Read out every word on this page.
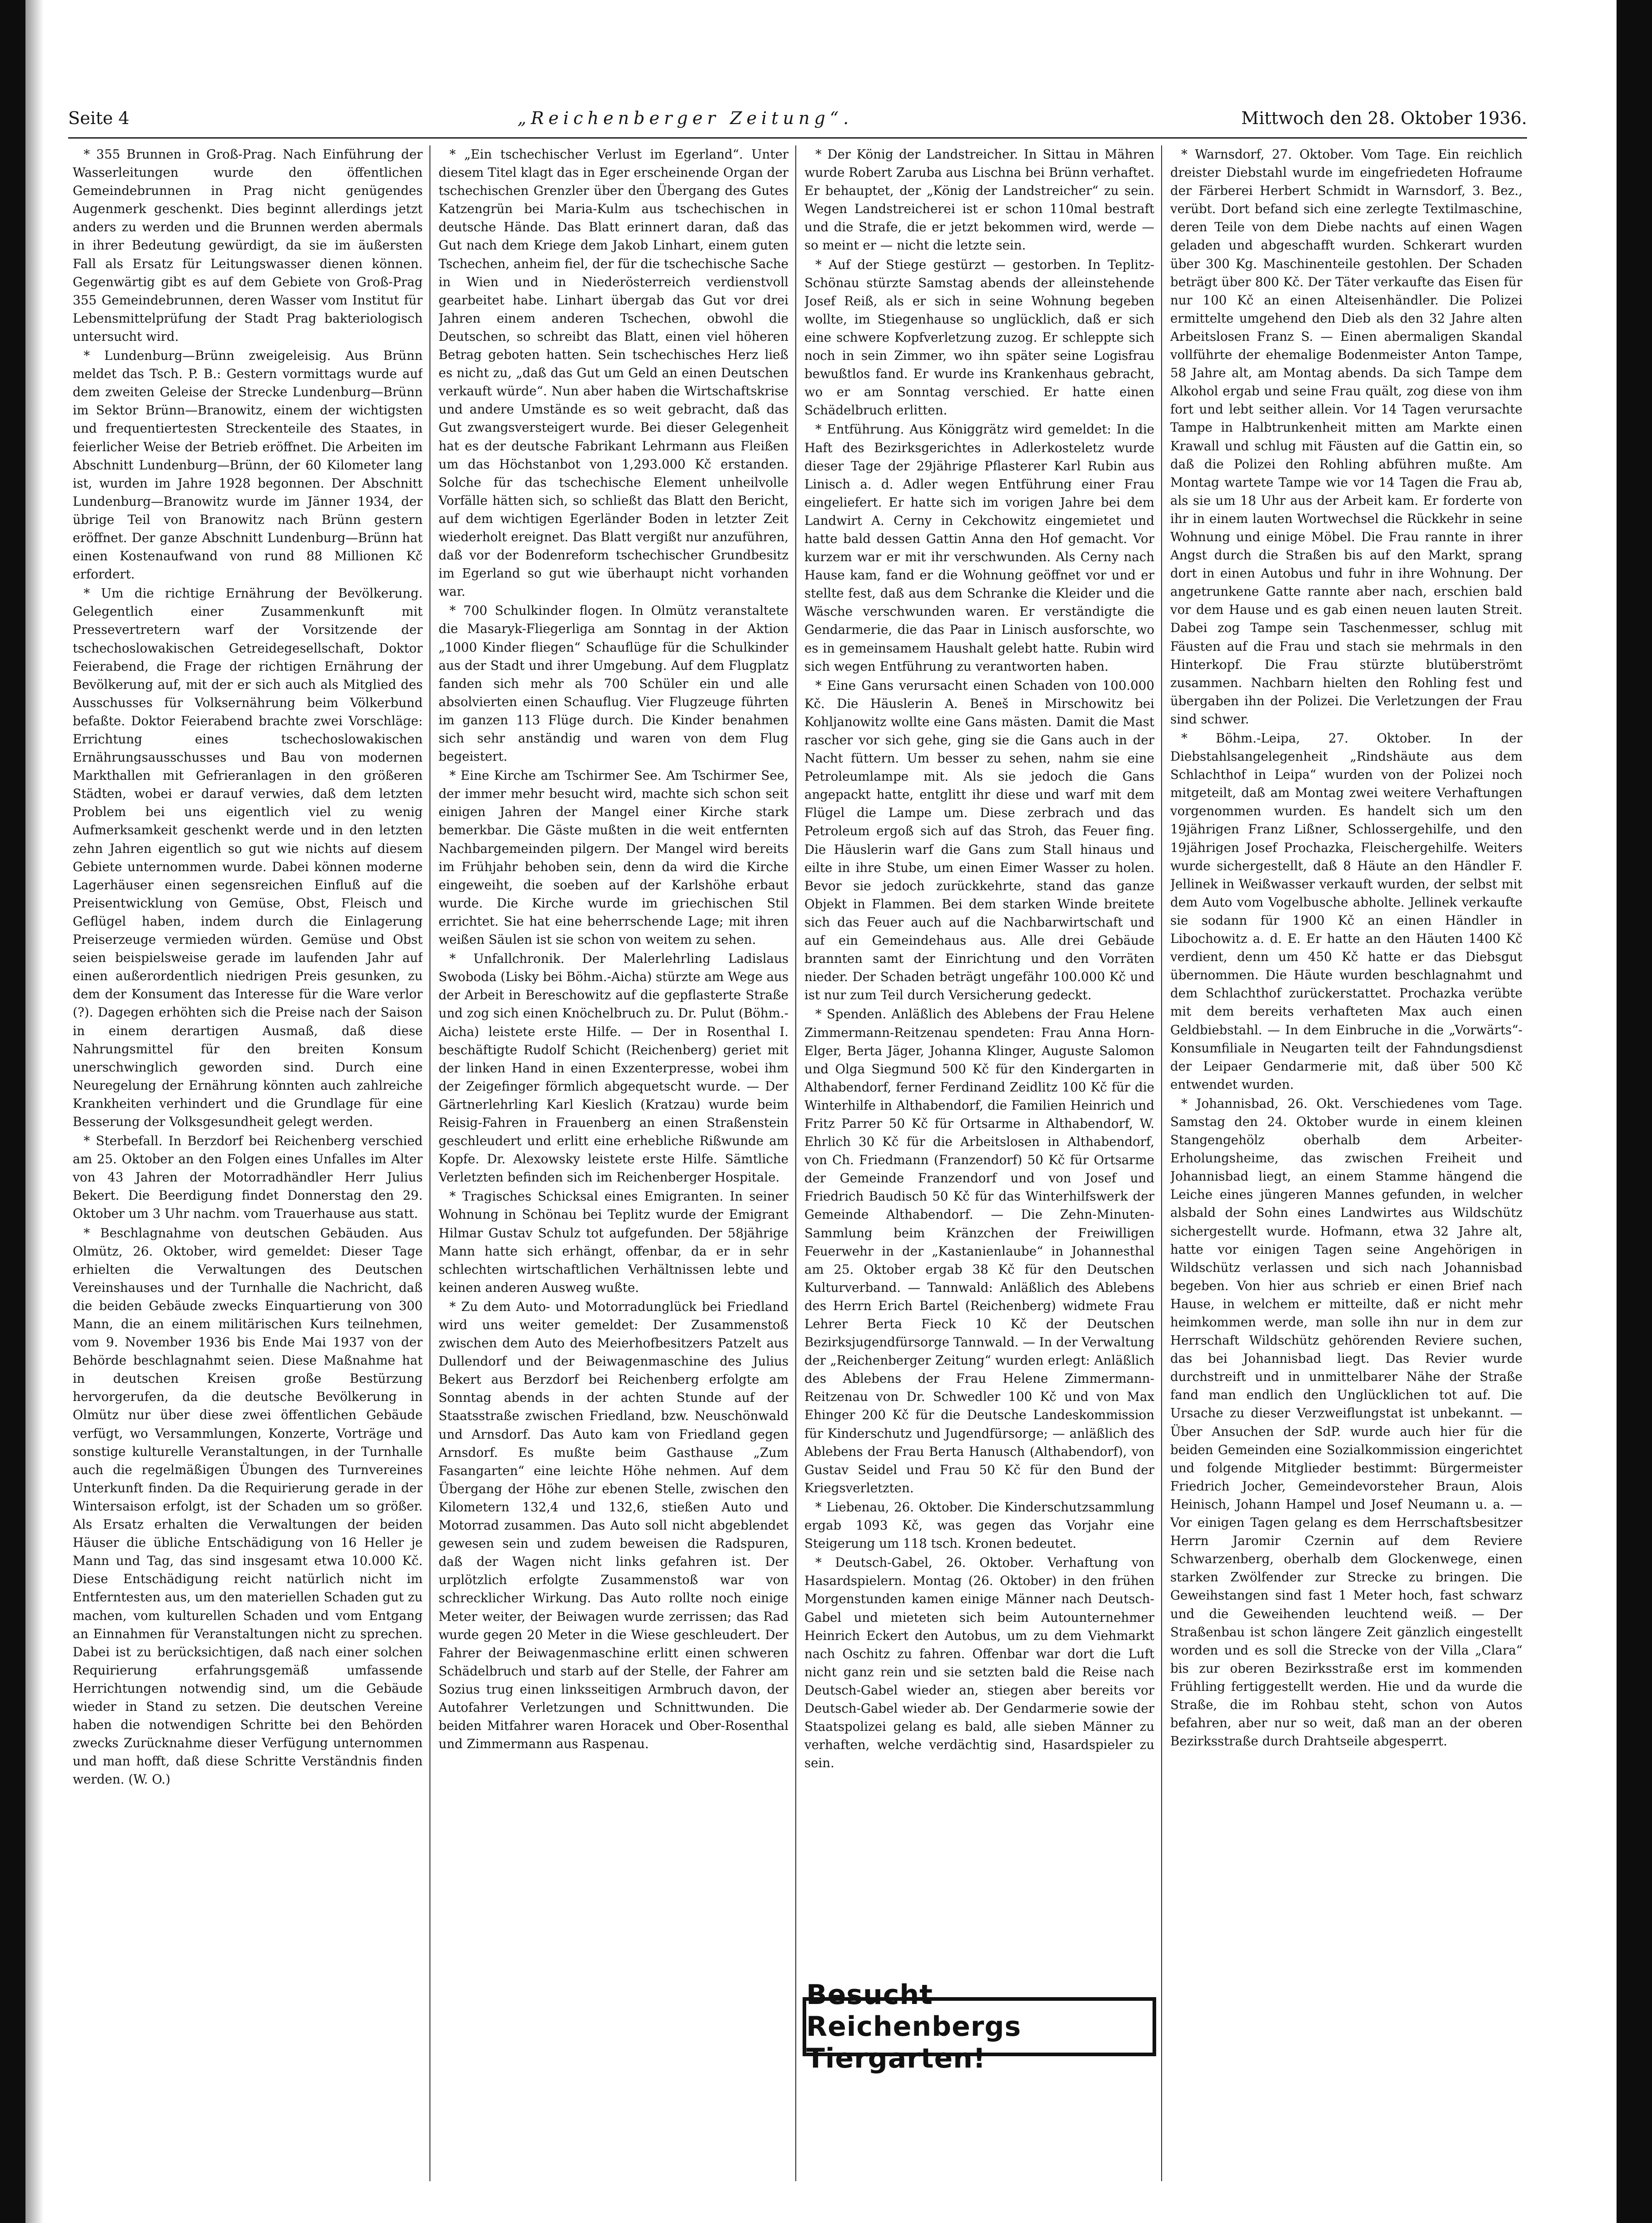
Seite 4	„Reichenberger Zeitung“.	Mittwoch den 28. Oktober 1936.

* 355 Brunnen in Groß-Prag. Nach Einführung der Wasserleitungen wurde den öffentlichen Gemeindebrunnen in Prag nicht genügendes Augenmerk geschenkt. Dies beginnt allerdings jetzt anders zu werden und die Brunnen werden abermals in ihrer Bedeutung gewürdigt, da sie im äußersten Fall als Ersatz für Leitungswasser dienen können. Gegenwärtig gibt es auf dem Gebiete von Groß-Prag 355 Gemeindebrunnen, deren Wasser vom Institut für Lebensmittelprüfung der Stadt Prag bakteriologisch untersucht wird.

* Lundenburg—Brünn zweigeleisig. Aus Brünn meldet das Tsch. P. B.: Gestern vormittags wurde auf dem zweiten Geleise der Strecke Lundenburg—Brünn im Sektor Brünn—Branowitz, einem der wichtigsten und frequentiertesten Streckenteile des Staates, in feierlicher Weise der Betrieb eröffnet. Die Arbeiten im Abschnitt Lundenburg—Brünn, der 60 Kilometer lang ist, wurden im Jahre 1928 begonnen. Der Abschnitt Lundenburg—Branowitz wurde im Jänner 1934, der übrige Teil von Branowitz nach Brünn gestern eröffnet. Der ganze Abschnitt Lundenburg—Brünn hat einen Kostenaufwand von rund 88 Millionen Kč erfordert.

* Um die richtige Ernährung der Bevölkerung. Gelegentlich einer Zusammenkunft mit Pressevertretern warf der Vorsitzende der tschechoslowakischen Getreidegesellschaft, Doktor Feierabend, die Frage der richtigen Ernährung der Bevölkerung auf, mit der er sich auch als Mitglied des Ausschusses für Volksernährung beim Völkerbund befaßte. Doktor Feierabend brachte zwei Vorschläge: Errichtung eines tschechoslowakischen Ernährungsausschusses und Bau von modernen Markthallen mit Gefrieranlagen in den größeren Städten, wobei er darauf verwies, daß dem letzten Problem bei uns eigentlich viel zu wenig Aufmerksamkeit geschenkt werde und in den letzten zehn Jahren eigentlich so gut wie nichts auf diesem Gebiete unternommen wurde. Dabei können moderne Lagerhäuser einen segensreichen Einfluß auf die Preisentwicklung von Gemüse, Obst, Fleisch und Geflügel haben, indem durch die Einlagerung Preiserzeuge vermieden würden. Gemüse und Obst seien beispielsweise gerade im laufenden Jahr auf einen außerordentlich niedrigen Preis gesunken, zu dem der Konsument das Interesse für die Ware verlor (?). Dagegen erhöhten sich die Preise nach der Saison in einem derartigen Ausmaß, daß diese Nahrungsmittel für den breiten Konsum unerschwinglich geworden sind. Durch eine Neuregelung der Ernährung könnten auch zahlreiche Krankheiten verhindert und die Grundlage für eine Besserung der Volksgesundheit gelegt werden.

* Sterbefall. In Berzdorf bei Reichenberg verschied am 25. Oktober an den Folgen eines Unfalles im Alter von 43 Jahren der Motorradhändler Herr Julius Bekert. Die Beerdigung findet Donnerstag den 29. Oktober um 3 Uhr nachm. vom Trauerhause aus statt.

* Beschlagnahme von deutschen Gebäuden. Aus Olmütz, 26. Oktober, wird gemeldet: Dieser Tage erhielten die Verwaltungen des Deutschen Vereinshauses und der Turnhalle die Nachricht, daß die beiden Gebäude zwecks Einquartierung von 300 Mann, die an einem militärischen Kurs teilnehmen, vom 9. November 1936 bis Ende Mai 1937 von der Behörde beschlagnahmt seien. Diese Maßnahme hat in deutschen Kreisen große Bestürzung hervorgerufen, da die deutsche Bevölkerung in Olmütz nur über diese zwei öffentlichen Gebäude verfügt, wo Versammlungen, Konzerte, Vorträge und sonstige kulturelle Veranstaltungen, in der Turnhalle auch die regelmäßigen Übungen des Turnvereines Unterkunft finden. Da die Requirierung gerade in der Wintersaison erfolgt, ist der Schaden um so größer. Als Ersatz erhalten die Verwaltungen der beiden Häuser die übliche Entschädigung von 16 Heller je Mann und Tag, das sind insgesamt etwa 10.000 Kč. Diese Entschädigung reicht natürlich nicht im Entferntesten aus, um den materiellen Schaden gut zu machen, vom kulturellen Schaden und vom Entgang an Einnahmen für Veranstaltungen nicht zu sprechen. Dabei ist zu berücksichtigen, daß nach einer solchen Requirierung erfahrungsgemäß umfassende Herrichtungen notwendig sind, um die Gebäude wieder in Stand zu setzen. Die deutschen Vereine haben die notwendigen Schritte bei den Behörden zwecks Zurücknahme dieser Verfügung unternommen und man hofft, daß diese Schritte Verständnis finden werden. (W. O.)

* „Ein tschechischer Verlust im Egerland“. Unter diesem Titel klagt das in Eger erscheinende Organ der tschechischen Grenzler über den Übergang des Gutes Katzengrün bei Maria-Kulm aus tschechischen in deutsche Hände. Das Blatt erinnert daran, daß das Gut nach dem Kriege dem Jakob Linhart, einem guten Tschechen, anheim fiel, der für die tschechische Sache in Wien und in Niederösterreich verdienstvoll gearbeitet habe. Linhart übergab das Gut vor drei Jahren einem anderen Tschechen, obwohl die Deutschen, so schreibt das Blatt, einen viel höheren Betrag geboten hatten. Sein tschechisches Herz ließ es nicht zu, „daß das Gut um Geld an einen Deutschen verkauft würde“. Nun aber haben die Wirtschaftskrise und andere Umstände es so weit gebracht, daß das Gut zwangsversteigert wurde. Bei dieser Gelegenheit hat es der deutsche Fabrikant Lehrmann aus Fleißen um das Höchstanbot von 1,293.000 Kč erstanden. Solche für das tschechische Element unheilvolle Vorfälle hätten sich, so schließt das Blatt den Bericht, auf dem wichtigen Egerländer Boden in letzter Zeit wiederholt ereignet. Das Blatt vergißt nur anzuführen, daß vor der Bodenreform tschechischer Grundbesitz im Egerland so gut wie überhaupt nicht vorhanden war.

* 700 Schulkinder flogen. In Olmütz veranstaltete die Masaryk-Fliegerliga am Sonntag in der Aktion „1000 Kinder fliegen“ Schauflüge für die Schulkinder aus der Stadt und ihrer Umgebung. Auf dem Flugplatz fanden sich mehr als 700 Schüler ein und alle absolvierten einen Schauflug. Vier Flugzeuge führten im ganzen 113 Flüge durch. Die Kinder benahmen sich sehr anständig und waren von dem Flug begeistert.

* Eine Kirche am Tschirmer See. Am Tschirmer See, der immer mehr besucht wird, machte sich schon seit einigen Jahren der Mangel einer Kirche stark bemerkbar. Die Gäste mußten in die weit entfernten Nachbargemeinden pilgern. Der Mangel wird bereits im Frühjahr behoben sein, denn da wird die Kirche eingeweiht, die soeben auf der Karlshöhe erbaut wurde. Die Kirche wurde im griechischen Stil errichtet. Sie hat eine beherrschende Lage; mit ihren weißen Säulen ist sie schon von weitem zu sehen.

* Unfallchronik. Der Malerlehrling Ladislaus Swoboda (Lisky bei Böhm.-Aicha) stürzte am Wege aus der Arbeit in Bereschowitz auf die gepflasterte Straße und zog sich einen Knöchelbruch zu. Dr. Pulut (Böhm.-Aicha) leistete erste Hilfe. — Der in Rosenthal I. beschäftigte Rudolf Schicht (Reichenberg) geriet mit der linken Hand in einen Exzenterpresse, wobei ihm der Zeigefinger förmlich abgequetscht wurde. — Der Gärtnerlehrling Karl Kieslich (Kratzau) wurde beim Reisig-Fahren in Frauenberg an einen Straßenstein geschleudert und erlitt eine erhebliche Rißwunde am Kopfe. Dr. Alexowsky leistete erste Hilfe. Sämtliche Verletzten befinden sich im Reichenberger Hospitale.

* Tragisches Schicksal eines Emigranten. In seiner Wohnung in Schönau bei Teplitz wurde der Emigrant Hilmar Gustav Schulz tot aufgefunden. Der 58jährige Mann hatte sich erhängt, offenbar, da er in sehr schlechten wirtschaftlichen Verhältnissen lebte und keinen anderen Ausweg wußte.

* Zu dem Auto- und Motorradunglück bei Friedland wird uns weiter gemeldet: Der Zusammenstoß zwischen dem Auto des Meierhofbesitzers Patzelt aus Dullendorf und der Beiwagenmaschine des Julius Bekert aus Berzdorf bei Reichenberg erfolgte am Sonntag abends in der achten Stunde auf der Staatsstraße zwischen Friedland, bzw. Neuschönwald und Arnsdorf. Das Auto kam von Friedland gegen Arnsdorf. Es mußte beim Gasthause „Zum Fasangarten“ eine leichte Höhe nehmen. Auf dem Übergang der Höhe zur ebenen Stelle, zwischen den Kilometern 132,4 und 132,6, stießen Auto und Motorrad zusammen. Das Auto soll nicht abgeblendet gewesen sein und zudem beweisen die Radspuren, daß der Wagen nicht links gefahren ist. Der urplötzlich erfolgte Zusammenstoß war von schrecklicher Wirkung. Das Auto rollte noch einige Meter weiter, der Beiwagen wurde zerrissen; das Rad wurde gegen 20 Meter in die Wiese geschleudert. Der Fahrer der Beiwagenmaschine erlitt einen schweren Schädelbruch und starb auf der Stelle, der Fahrer am Sozius trug einen linksseitigen Armbruch davon, der Autofahrer Verletzungen und Schnittwunden. Die beiden Mitfahrer waren Horacek und Ober-Rosenthal und Zimmermann aus Raspenau.

* Der König der Landstreicher. In Sittau in Mähren wurde Robert Zaruba aus Lischna bei Brünn verhaftet. Er behauptet, der „König der Landstreicher“ zu sein. Wegen Landstreicherei ist er schon 110mal bestraft und die Strafe, die er jetzt bekommen wird, werde — so meint er — nicht die letzte sein.

* Auf der Stiege gestürzt — gestorben. In Teplitz-Schönau stürzte Samstag abends der alleinstehende Josef Reiß, als er sich in seine Wohnung begeben wollte, im Stiegenhause so unglücklich, daß er sich eine schwere Kopfverletzung zuzog. Er schleppte sich noch in sein Zimmer, wo ihn später seine Logisfrau bewußtlos fand. Er wurde ins Krankenhaus gebracht, wo er am Sonntag verschied. Er hatte einen Schädelbruch erlitten.

* Entführung. Aus Königgrätz wird gemeldet: In die Haft des Bezirksgerichtes in Adlerkosteletz wurde dieser Tage der 29jährige Pflasterer Karl Rubin aus Linisch a. d. Adler wegen Entführung einer Frau eingeliefert. Er hatte sich im vorigen Jahre bei dem Landwirt A. Cerny in Cekchowitz eingemietet und hatte bald dessen Gattin Anna den Hof gemacht. Vor kurzem war er mit ihr verschwunden. Als Cerny nach Hause kam, fand er die Wohnung geöffnet vor und er stellte fest, daß aus dem Schranke die Kleider und die Wäsche verschwunden waren. Er verständigte die Gendarmerie, die das Paar in Linisch ausforschte, wo es in gemeinsamem Haushalt gelebt hatte. Rubin wird sich wegen Entführung zu verantworten haben.

* Eine Gans verursacht einen Schaden von 100.000 Kč. Die Häuslerin A. Beneš in Mirschowitz bei Kohljanowitz wollte eine Gans mästen. Damit die Mast rascher vor sich gehe, ging sie die Gans auch in der Nacht füttern. Um besser zu sehen, nahm sie eine Petroleumlampe mit. Als sie jedoch die Gans angepackt hatte, entglitt ihr diese und warf mit dem Flügel die Lampe um. Diese zerbrach und das Petroleum ergoß sich auf das Stroh, das Feuer fing. Die Häuslerin warf die Gans zum Stall hinaus und eilte in ihre Stube, um einen Eimer Wasser zu holen. Bevor sie jedoch zurückkehrte, stand das ganze Objekt in Flammen. Bei dem starken Winde breitete sich das Feuer auch auf die Nachbarwirtschaft und auf ein Gemeindehaus aus. Alle drei Gebäude brannten samt der Einrichtung und den Vorräten nieder. Der Schaden beträgt ungefähr 100.000 Kč und ist nur zum Teil durch Versicherung gedeckt.

* Spenden. Anläßlich des Ablebens der Frau Helene Zimmermann-Reitzenau spendeten: Frau Anna Horn-Elger, Berta Jäger, Johanna Klinger, Auguste Salomon und Olga Siegmund 500 Kč für den Kindergarten in Althabendorf, ferner Ferdinand Zeidlitz 100 Kč für die Winterhilfe in Althabendorf, die Familien Heinrich und Fritz Parrer 50 Kč für Ortsarme in Althabendorf, W. Ehrlich 30 Kč für die Arbeitslosen in Althabendorf, von Ch. Friedmann (Franzendorf) 50 Kč für Ortsarme der Gemeinde Franzendorf und von Josef und Friedrich Baudisch 50 Kč für das Winterhilfswerk der Gemeinde Althabendorf. — Die Zehn-Minuten-Sammlung beim Kränzchen der Freiwilligen Feuerwehr in der „Kastanienlaube“ in Johannesthal am 25. Oktober ergab 38 Kč für den Deutschen Kulturverband. — Tannwald: Anläßlich des Ablebens des Herrn Erich Bartel (Reichenberg) widmete Frau Lehrer Berta Fieck 10 Kč der Deutschen Bezirksjugendfürsorge Tannwald. — In der Verwaltung der „Reichenberger Zeitung“ wurden erlegt: Anläßlich des Ablebens der Frau Helene Zimmermann-Reitzenau von Dr. Schwedler 100 Kč und von Max Ehinger 200 Kč für die Deutsche Landeskommission für Kinderschutz und Jugendfürsorge; — anläßlich des Ablebens der Frau Berta Hanusch (Althabendorf), von Gustav Seidel und Frau 50 Kč für den Bund der Kriegsverletzten.

* Liebenau, 26. Oktober. Die Kinderschutzsammlung ergab 1093 Kč, was gegen das Vorjahr eine Steigerung um 118 tsch. Kronen bedeutet.

* Deutsch-Gabel, 26. Oktober. Verhaftung von Hasardspielern. Montag (26. Oktober) in den frühen Morgenstunden kamen einige Männer nach Deutsch-Gabel und mieteten sich beim Autounternehmer Heinrich Eckert den Autobus, um zu dem Viehmarkt nach Oschitz zu fahren. Offenbar war dort die Luft nicht ganz rein und sie setzten bald die Reise nach Deutsch-Gabel wieder an, stiegen aber bereits vor Deutsch-Gabel wieder ab. Der Gendarmerie sowie der Staatspolizei gelang es bald, alle sieben Männer zu verhaften, welche verdächtig sind, Hasardspieler zu sein.

* Warnsdorf, 27. Oktober. Vom Tage. Ein reichlich dreister Diebstahl wurde im eingefriedeten Hofraume der Färberei Herbert Schmidt in Warnsdorf, 3. Bez., verübt. Dort befand sich eine zerlegte Textilmaschine, deren Teile von dem Diebe nachts auf einen Wagen geladen und abgeschafft wurden. Schkerart wurden über 300 Kg. Maschinenteile gestohlen. Der Schaden beträgt über 800 Kč. Der Täter verkaufte das Eisen für nur 100 Kč an einen Alteisenhändler. Die Polizei ermittelte umgehend den Dieb als den 32 Jahre alten Arbeitslosen Franz S. — Einen abermaligen Skandal vollführte der ehemalige Bodenmeister Anton Tampe, 58 Jahre alt, am Montag abends. Da sich Tampe dem Alkohol ergab und seine Frau quält, zog diese von ihm fort und lebt seither allein. Vor 14 Tagen verursachte Tampe in Halbtrunkenheit mitten am Markte einen Krawall und schlug mit Fäusten auf die Gattin ein, so daß die Polizei den Rohling abführen mußte. Am Montag wartete Tampe wie vor 14 Tagen die Frau ab, als sie um 18 Uhr aus der Arbeit kam. Er forderte von ihr in einem lauten Wortwechsel die Rückkehr in seine Wohnung und einige Möbel. Die Frau rannte in ihrer Angst durch die Straßen bis auf den Markt, sprang dort in einen Autobus und fuhr in ihre Wohnung. Der angetrunkene Gatte rannte aber nach, erschien bald vor dem Hause und es gab einen neuen lauten Streit. Dabei zog Tampe sein Taschenmesser, schlug mit Fäusten auf die Frau und stach sie mehrmals in den Hinterkopf. Die Frau stürzte blutüberströmt zusammen. Nachbarn hielten den Rohling fest und übergaben ihn der Polizei. Die Verletzungen der Frau sind schwer.

* Böhm.-Leipa, 27. Oktober. In der Diebstahlsangelegenheit „Rindshäute aus dem Schlachthof in Leipa“ wurden von der Polizei noch mitgeteilt, daß am Montag zwei weitere Verhaftungen vorgenommen wurden. Es handelt sich um den 19jährigen Franz Lißner, Schlossergehilfe, und den 19jährigen Josef Prochazka, Fleischergehilfe. Weiters wurde sichergestellt, daß 8 Häute an den Händler F. Jellinek in Weißwasser verkauft wurden, der selbst mit dem Auto vom Vogelbusche abholte. Jellinek verkaufte sie sodann für 1900 Kč an einen Händler in Libochowitz a. d. E. Er hatte an den Häuten 1400 Kč verdient, denn um 450 Kč hatte er das Diebsgut übernommen. Die Häute wurden beschlagnahmt und dem Schlachthof zurückerstattet. Prochazka verübte mit dem bereits verhafteten Max auch einen Geldbiebstahl. — In dem Einbruche in die „Vorwärts“-Konsumfiliale in Neugarten teilt der Fahndungsdienst der Leipaer Gendarmerie mit, daß über 500 Kč entwendet wurden.

* Johannisbad, 26. Okt. Verschiedenes vom Tage. Samstag den 24. Oktober wurde in einem kleinen Stangengehölz oberhalb dem Arbeiter-Erholungsheime, das zwischen Freiheit und Johannisbad liegt, an einem Stamme hängend die Leiche eines jüngeren Mannes gefunden, in welcher alsbald der Sohn eines Landwirtes aus Wildschütz sichergestellt wurde. Hofmann, etwa 32 Jahre alt, hatte vor einigen Tagen seine Angehörigen in Wildschütz verlassen und sich nach Johannisbad begeben. Von hier aus schrieb er einen Brief nach Hause, in welchem er mitteilte, daß er nicht mehr heimkommen werde, man solle ihn nur in dem zur Herrschaft Wildschütz gehörenden Reviere suchen, das bei Johannisbad liegt. Das Revier wurde durchstreift und in unmittelbarer Nähe der Straße fand man endlich den Unglücklichen tot auf. Die Ursache zu dieser Verzweiflungstat ist unbekannt. — Über Ansuchen der SdP. wurde auch hier für die beiden Gemeinden eine Sozialkommission eingerichtet und folgende Mitglieder bestimmt: Bürgermeister Friedrich Jocher, Gemeindevorsteher Braun, Alois Heinisch, Johann Hampel und Josef Neumann u. a. — Vor einigen Tagen gelang es dem Herrschaftsbesitzer Herrn Jaromir Czernin auf dem Reviere Schwarzenberg, oberhalb dem Glockenwege, einen starken Zwölfender zur Strecke zu bringen. Die Geweihstangen sind fast 1 Meter hoch, fast schwarz und die Geweihenden leuchtend weiß. — Der Straßenbau ist schon längere Zeit gänzlich eingestellt worden und es soll die Strecke von der Villa „Clara“ bis zur oberen Bezirksstraße erst im kommenden Frühling fertiggestellt werden. Hie und da wurde die Straße, die im Rohbau steht, schon von Autos befahren, aber nur so weit, daß man an der oberen Bezirksstraße durch Drahtseile abgesperrt.

Besucht Reichenbergs Tiergarten!
